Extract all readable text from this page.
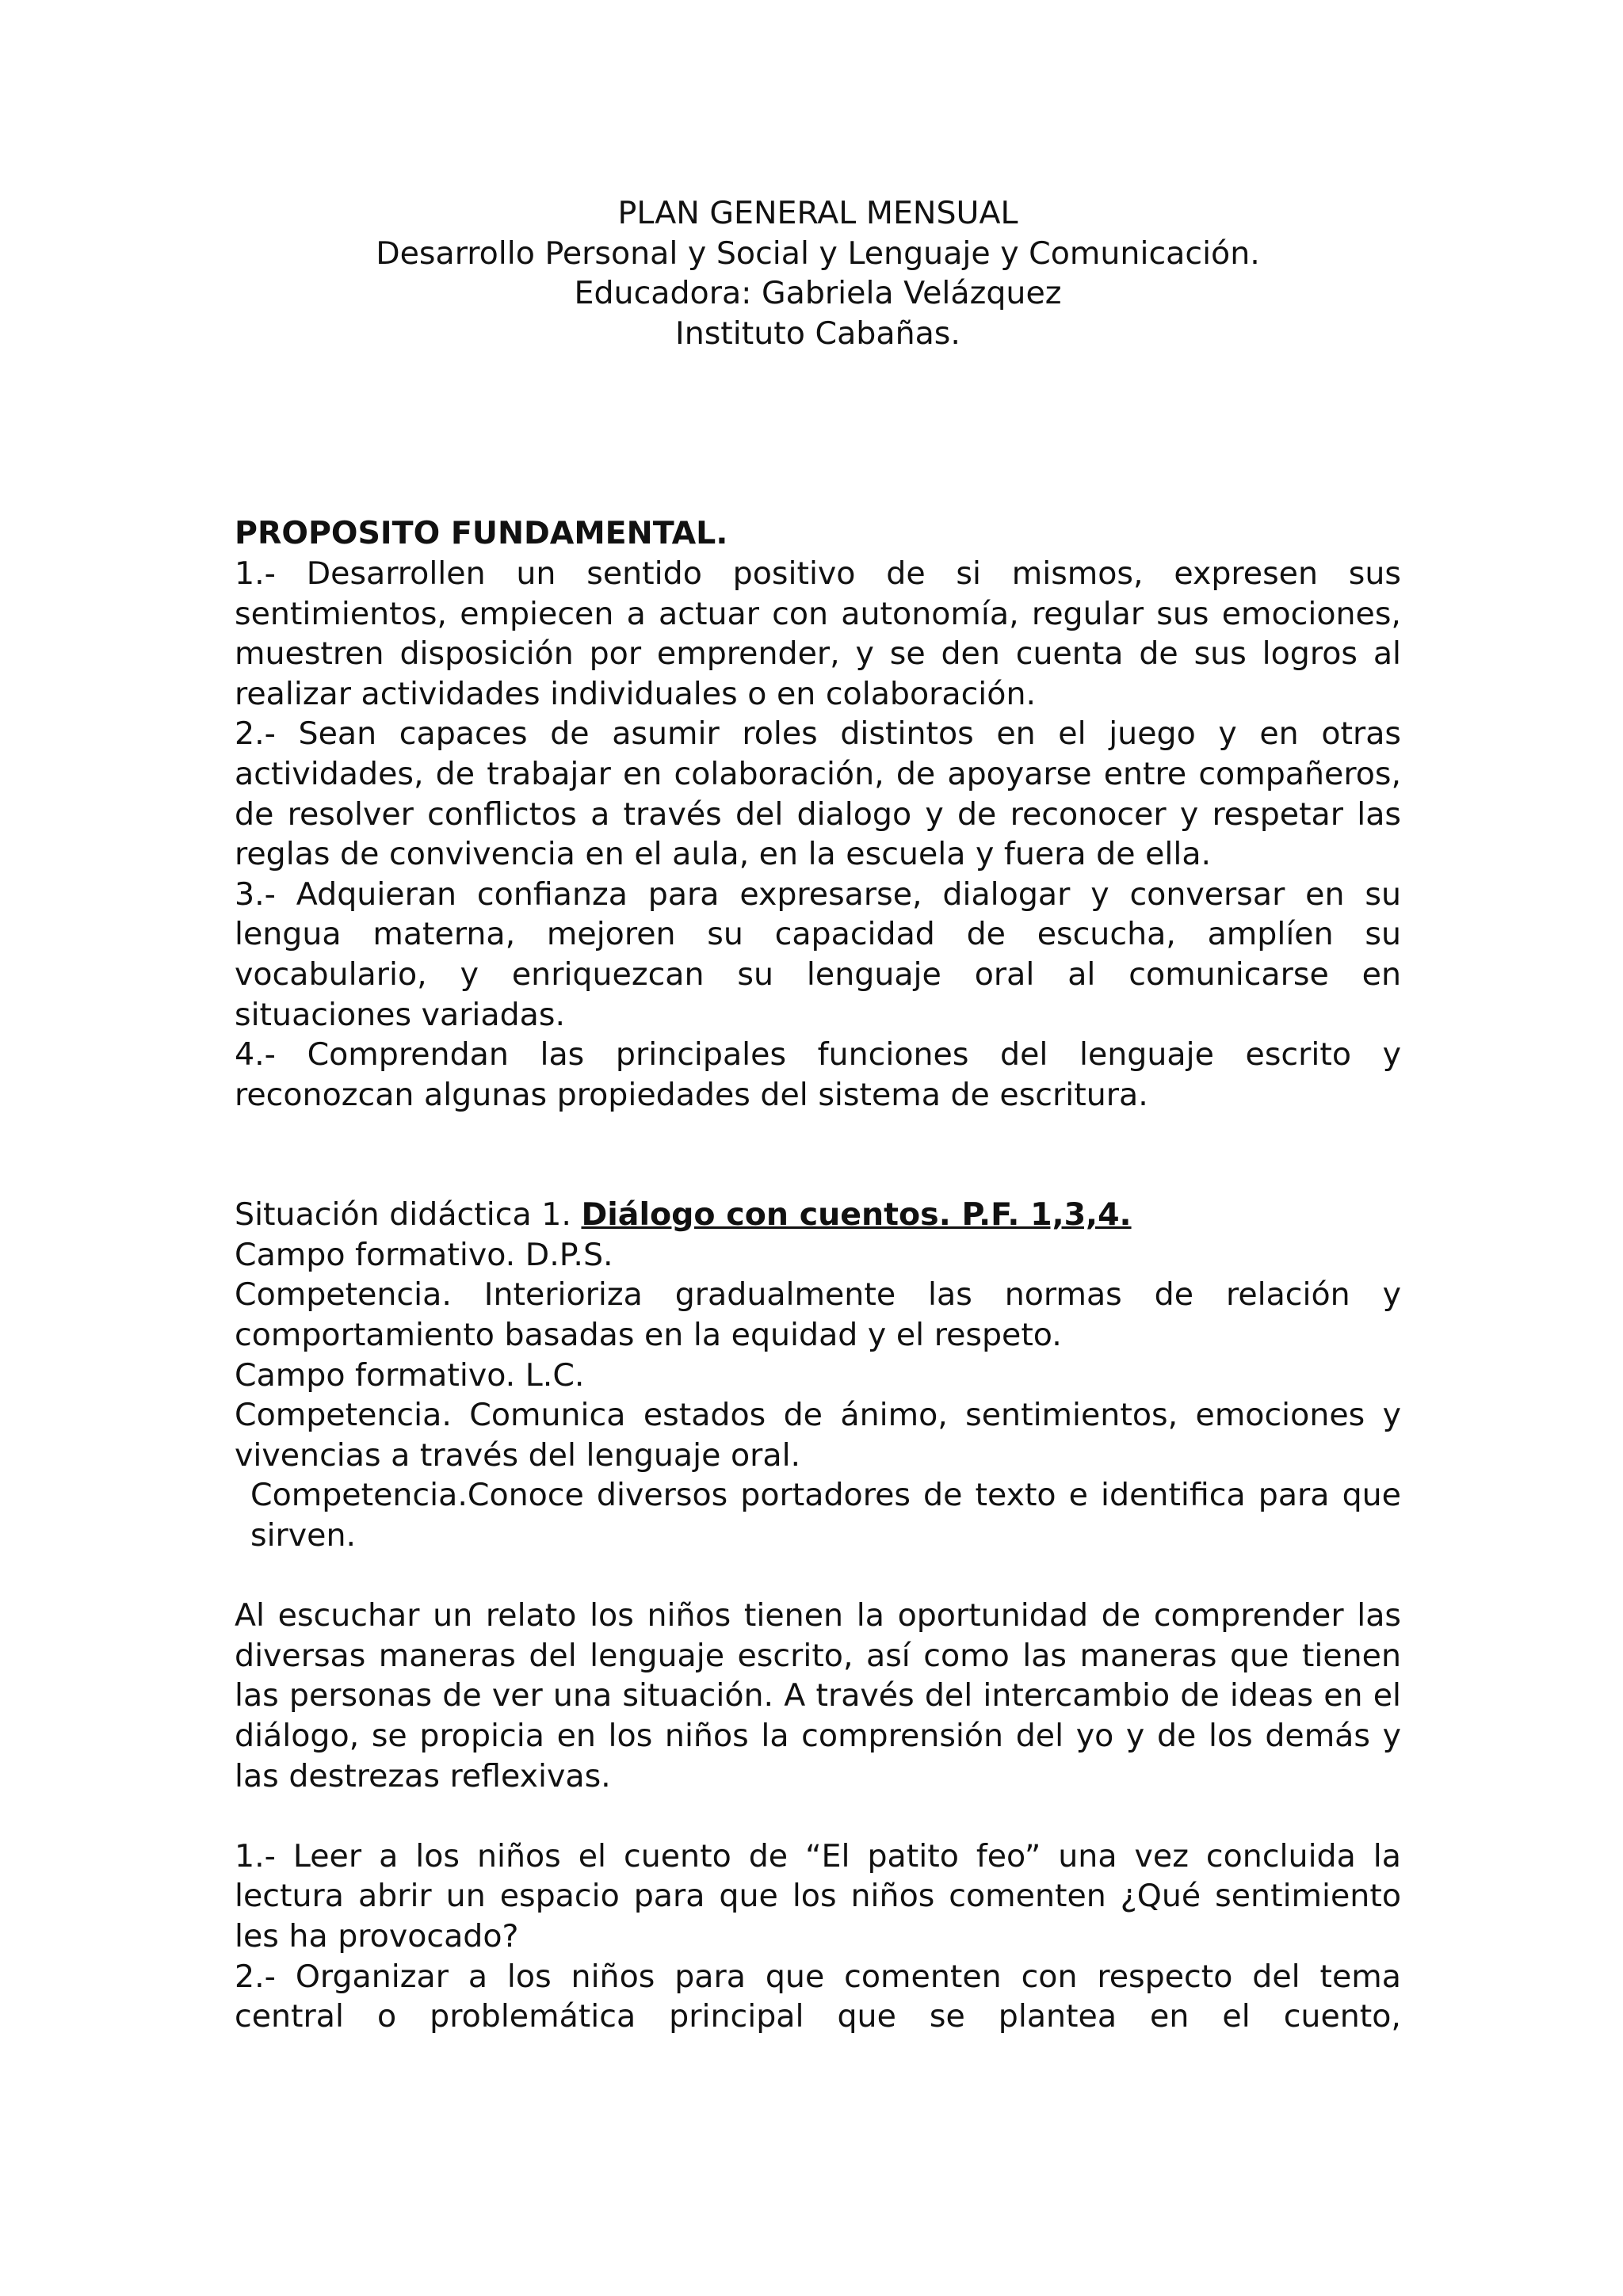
PLAN GENERAL MENSUAL
Desarrollo Personal y Social y Lenguaje y Comunicación.
Educadora: Gabriela Velázquez
Instituto Cabañas.
PROPOSITO FUNDAMENTAL.
1.- Desarrollen un sentido positivo de si mismos, expresen sus sentimientos, empiecen a actuar con autonomía, regular sus emociones, muestren disposición por emprender, y se den cuenta de sus logros al realizar actividades individuales o en colaboración.
2.- Sean capaces de asumir roles distintos en el juego y en otras actividades, de trabajar en colaboración, de apoyarse entre compañeros, de resolver conflictos a través del dialogo y de reconocer y respetar las reglas de convivencia en el aula, en la escuela y fuera de ella.
3.- Adquieran confianza para expresarse, dialogar y conversar en su lengua materna, mejoren su capacidad de escucha, amplíen su vocabulario, y enriquezcan su lenguaje oral al comunicarse en situaciones variadas.
4.- Comprendan las principales funciones del lenguaje escrito y reconozcan algunas propiedades del sistema de escritura.
Situación didáctica 1. Diálogo con cuentos. P.F. 1,3,4.
Campo formativo. D.P.S.
Competencia. Interioriza gradualmente las normas de relación y comportamiento basadas en la equidad y el respeto.
Campo formativo. L.C.
Competencia. Comunica estados de ánimo, sentimientos, emociones y vivencias a través del lenguaje oral.
Competencia.Conoce diversos portadores de texto e identifica para que sirven.
Al escuchar un relato los niños tienen la oportunidad de comprender las diversas maneras del lenguaje escrito, así como las maneras que tienen las personas de ver una situación. A través del intercambio de ideas en el diálogo, se propicia en los niños la comprensión del yo y de los demás y las destrezas reflexivas.
1.- Leer a los niños el cuento de “El patito feo” una vez concluida la lectura abrir un espacio para que los niños comenten ¿Qué sentimiento les ha provocado?
2.- Organizar a los niños para que comenten con respecto del tema central o problemática principal que se plantea en el cuento,
